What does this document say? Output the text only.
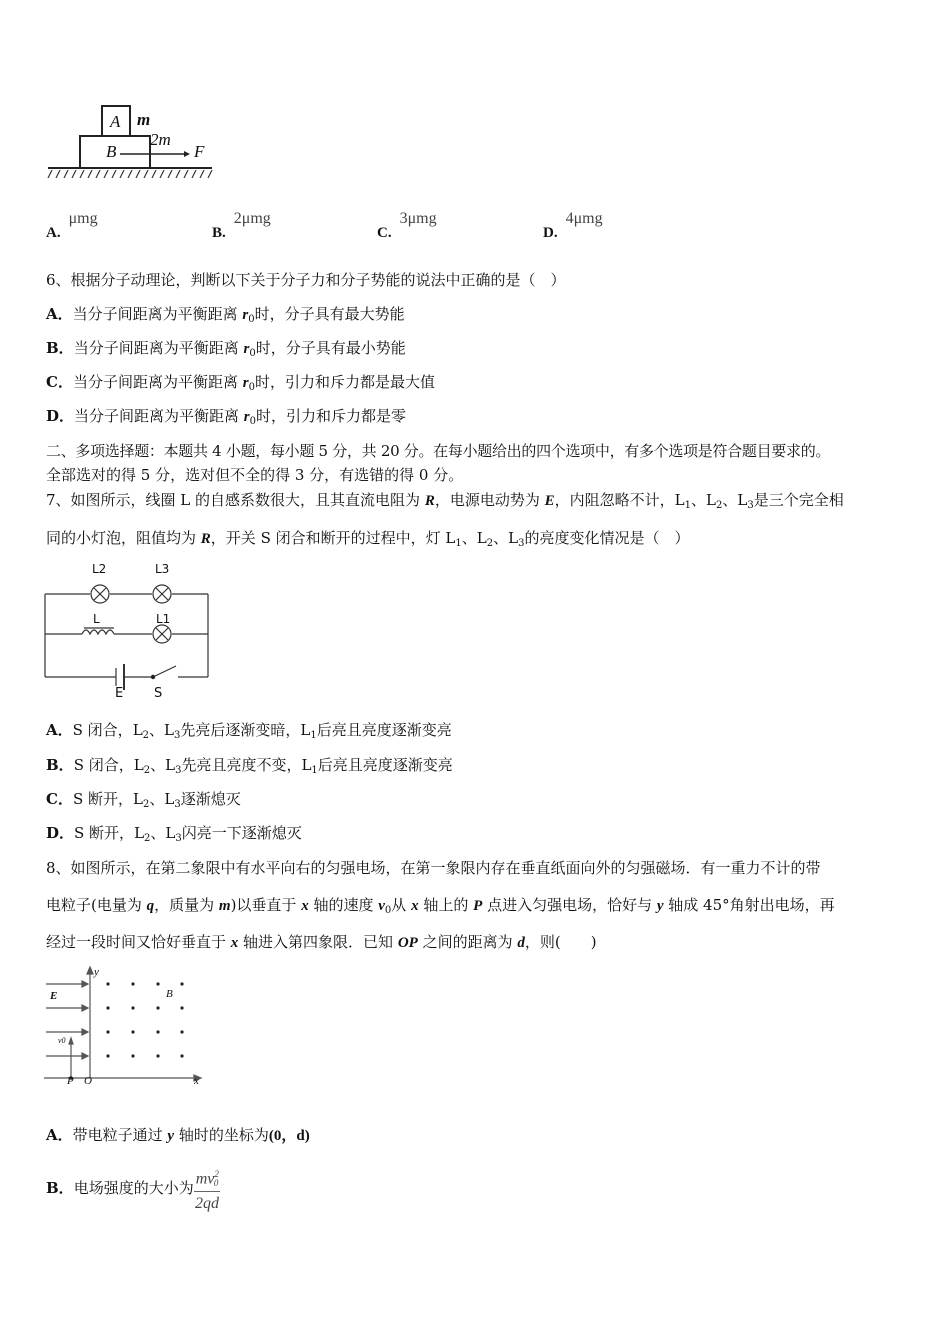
A m
B
2m
F
A.μmg
B.2μmg
C.3μmg
D.4μmg
6、根据分子动理论，判断以下关于分子力和分子势能的说法中正确的是（　）
A．当分子间距离为平衡距离 $r_0$时，分子具有最大势能
B．当分子间距离为平衡距离 $r_0$时，分子具有最小势能
C．当分子间距离为平衡距离 $r_0$时，引力和斥力都是最大值
D．当分子间距离为平衡距离 $r_0$时，引力和斥力都是零
二、多项选择题：本题共 4 小题，每小题 5 分，共 20 分。在每小题给出的四个选项中，有多个选项是符合题目要求的。
全部选对的得 5 分，选对但不全的得 3 分，有选错的得 0 分。
7、如图所示，线圈 L 的自感系数很大，且其直流电阻为 R，电源电动势为 E，内阻忽略不计，$L_1$、$L_2$、$L_3$是三个完全相
同的小灯泡，阻值均为 R，开关 S 闭合和断开的过程中，灯 $L_1$、$L_2$、$L_3$的亮度变化情况是（　）
L2	L3
L	L1
E S
A．S 闭合，$L_2$、$L_3$先亮后逐渐变暗，$L_1$后亮且亮度逐渐变亮
B．S 闭合，$L_2$、$L_3$先亮且亮度不变，$L_1$后亮且亮度逐渐变亮
C．S 断开，$L_2$、$L_3$逐渐熄灭
D．S 断开，$L_2$、$L_3$闪亮一下逐渐熄灭
8、如图所示，在第二象限中有水平向右的匀强电场，在第一象限内存在垂直纸面向外的匀强磁场．有一重力不计的带
电粒子(电量为 q，质量为 m)以垂直于 x 轴的速度 $v_0$从 x 轴上的 P 点进入匀强电场，恰好与 y 轴成 45°角射出电场，再
经过一段时间又恰好垂直于 x 轴进入第四象限．已知 OP 之间的距离为 d，则(　　)
E	B
v0
P O	x
y
A．带电粒子通过 y 轴时的坐标为(0，d)
B．电场强度的大小为 $\frac{mv^2_0}{2qd}$
